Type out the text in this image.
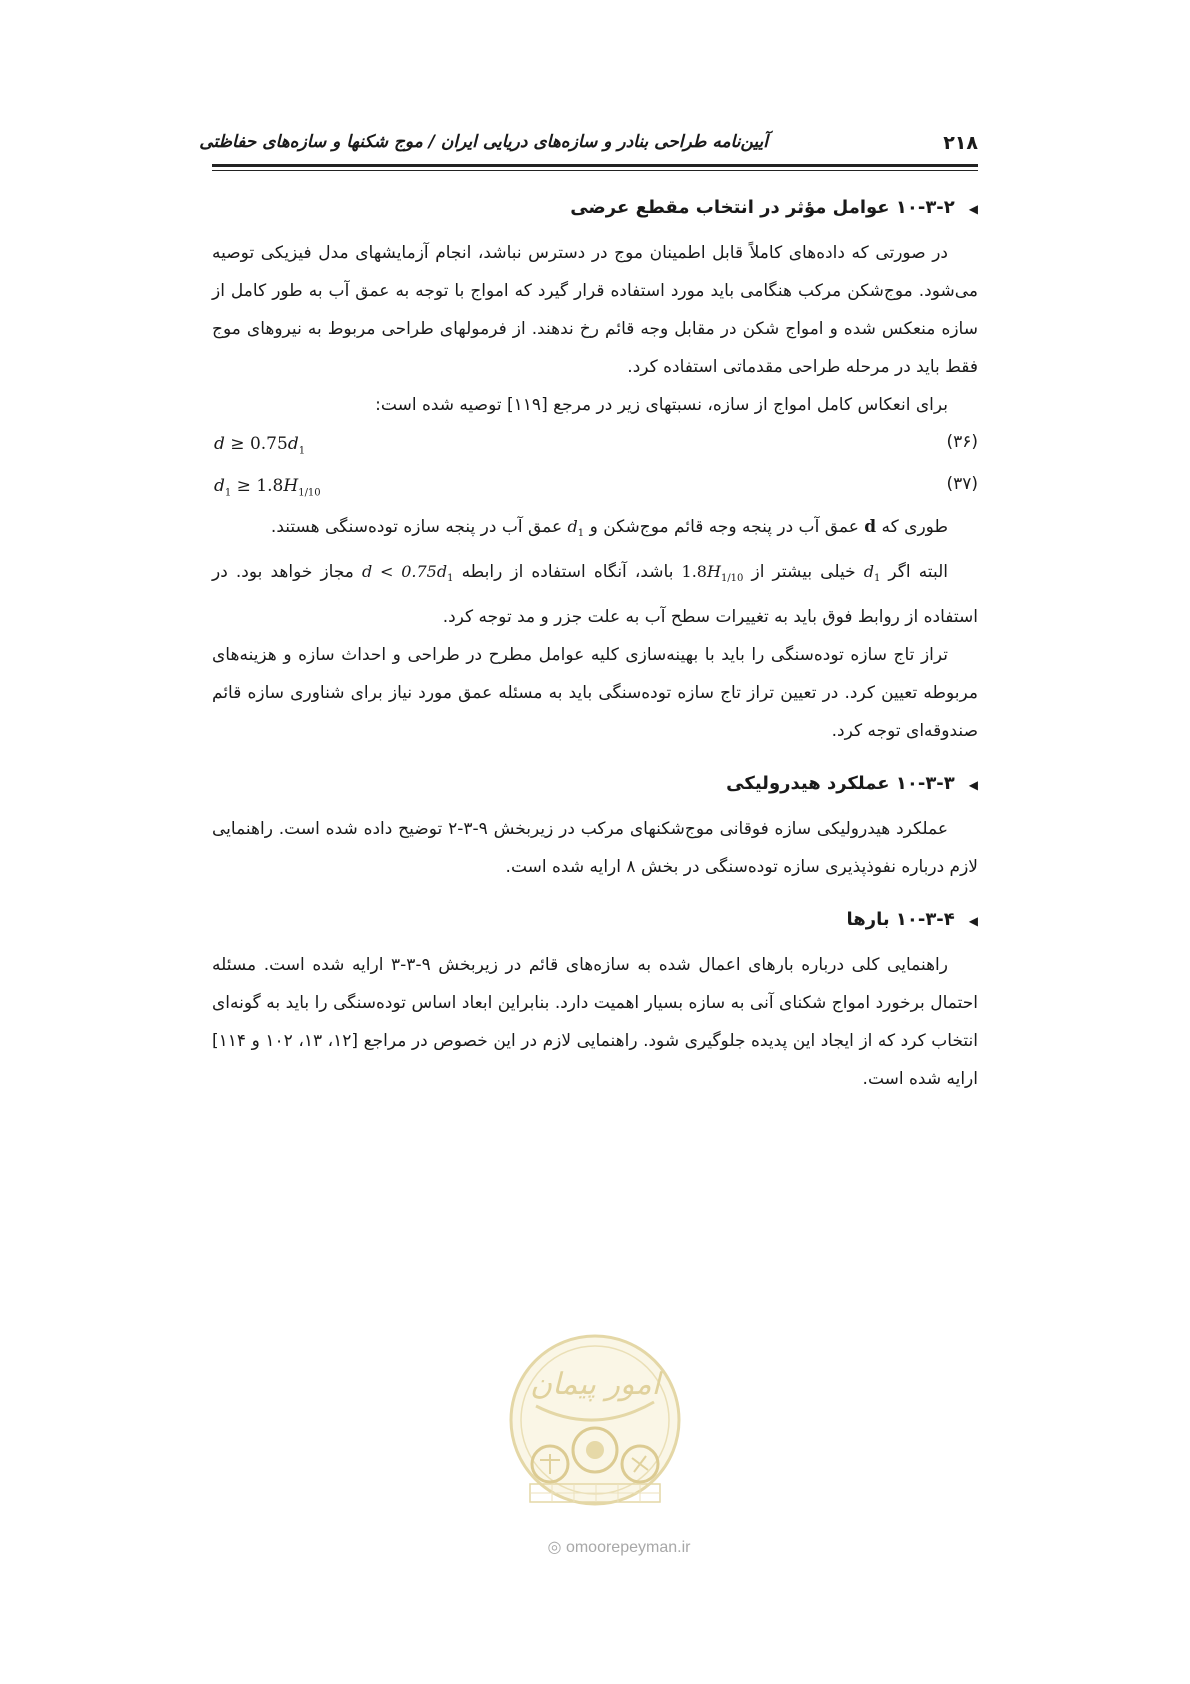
آیین‌نامه طراحی بنادر و سازه‌های دریایی ایران / موج شکنها و سازه‌های حفاظتی	۲۱۸
◀۱۰-۳-۲ عوامل مؤثر در انتخاب مقطع عرضی

در صورتی که داده‌های کاملاً قابل اطمینان موج در دسترس نباشد، انجام آزمایشهای مدل فیزیکی توصیه می‌شود. موج‌شکن مرکب هنگامی باید مورد استفاده قرار گیرد که امواج با توجه به عمق آب به طور کامل از سازه منعکس شده و امواج شکن در مقابل وجه قائم رخ ندهند. از فرمولهای طراحی مربوط به نیروهای موج فقط باید در مرحله طراحی مقدماتی استفاده کرد.

برای انعکاس کامل امواج از سازه، نسبتهای زیر در مرجع [۱۱۹] توصیه شده است:

$d \ge 0.75d_1$	(۳۶)
$d_1 \ge 1.8H_{1/10}$	(۳۷)

طوری که d عمق آب در پنجه وجه قائم موج‌شکن و $d_1$ عمق آب در پنجه سازه توده‌سنگی هستند.

البته اگر $d_1$ خیلی بیشتر از $1.8H_{1/10}$ باشد، آنگاه استفاده از رابطه $d < 0.75d_1$ مجاز خواهد بود. در استفاده از روابط فوق باید به تغییرات سطح آب به علت جزر و مد توجه کرد.

تراز تاج سازه توده‌سنگی را باید با بهینه‌سازی کلیه عوامل مطرح در طراحی و احداث سازه و هزینه‌های مربوطه تعیین کرد. در تعیین تراز تاج سازه توده‌سنگی باید به مسئله عمق مورد نیاز برای شناوری سازه قائم صندوقه‌ای توجه کرد.

◀۱۰-۳-۳ عملکرد هیدرولیکی

عملکرد هیدرولیکی سازه فوقانی موج‌شکنهای مرکب در زیربخش ۹-۳-۲ توضیح داده شده است. راهنمایی لازم درباره نفوذپذیری سازه توده‌سنگی در بخش ۸ ارایه شده است.

◀۱۰-۳-۴ بارها

راهنمایی کلی درباره بارهای اعمال شده به سازه‌های قائم در زیربخش ۹-۳-۳ ارایه شده است. مسئله احتمال برخورد امواج شکنای آنی به سازه بسیار اهمیت دارد. بنابراین ابعاد اساس توده‌سنگی را باید به گونه‌ای انتخاب کرد که از ایجاد این پدیده جلوگیری شود. راهنمایی لازم در این خصوص در مراجع [۱۲، ۱۳، ۱۰۲ و ۱۱۴] ارایه شده است.

امور پیمان
◎ omoorepeyman.ir
